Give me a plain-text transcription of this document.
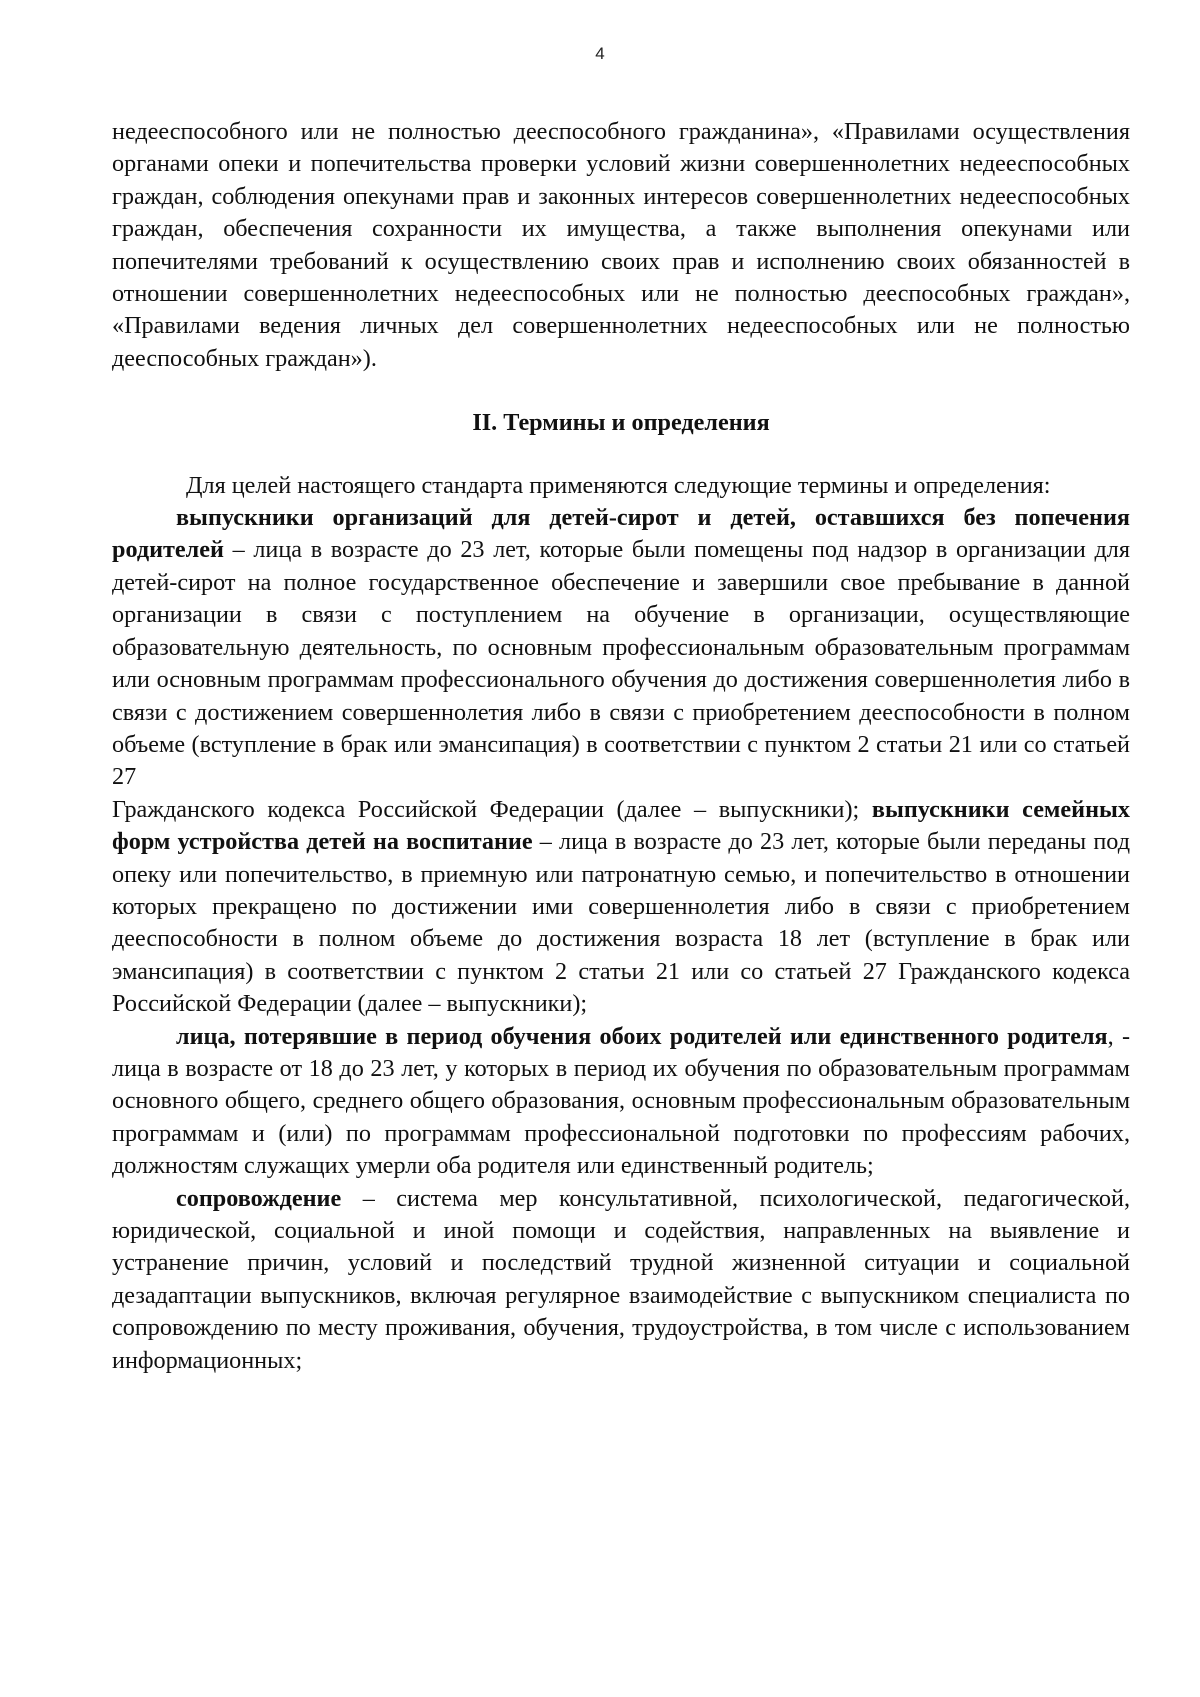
4

недееспособного или не полностью дееспособного гражданина», «Правилами осуществления органами опеки и попечительства проверки условий жизни совершеннолетних недееспособных граждан, соблюдения опекунами прав и законных интересов совершеннолетних недееспособных граждан, обеспечения сохранности их имущества, а также выполнения опекунами или попечителями требований к осуществлению своих прав и исполнению своих обязанностей в отношении совершеннолетних недееспособных или не полностью дееспособных граждан», «Правилами ведения личных дел совершеннолетних недееспособных или не полностью дееспособных граждан»).

II. Термины и определения

Для целей настоящего стандарта применяются следующие термины и определения:

выпускники организаций для детей-сирот и детей, оставшихся без попечения родителей – лица в возрасте до 23 лет, которые были помещены под надзор в организации для детей-сирот на полное государственное обеспечение и завершили свое пребывание в данной организации в связи с поступлением на обучение в организации, осуществляющие образовательную деятельность, по основным профессиональным образовательным программам или основным программам профессионального обучения до достижения совершеннолетия либо в связи с достижением совершеннолетия либо в связи с приобретением дееспособности в полном объеме (вступление в брак или эмансипация) в соответствии с пунктом 2 статьи 21 или со статьей 27

Гражданского кодекса Российской Федерации (далее – выпускники); выпускники семейных форм устройства детей на воспитание – лица в возрасте до 23 лет, которые были переданы под опеку или попечительство, в приемную или патронатную семью, и попечительство в отношении которых прекращено по достижении ими совершеннолетия либо в связи с приобретением дееспособности в полном объеме до достижения возраста 18 лет (вступление в брак или эмансипация) в соответствии с пунктом 2 статьи 21 или со статьей 27 Гражданского кодекса Российской Федерации (далее – выпускники);

лица, потерявшие в период обучения обоих родителей или единственного родителя, - лица в возрасте от 18 до 23 лет, у которых в период их обучения по образовательным программам основного общего, среднего общего образования, основным профессиональным образовательным программам и (или) по программам профессиональной подготовки по профессиям рабочих, должностям служащих умерли оба родителя или единственный родитель;

сопровождение – система мер консультативной, психологической, педагогической, юридической, социальной и иной помощи и содействия, направленных на выявление и устранение причин, условий и последствий трудной жизненной ситуации и социальной дезадаптации выпускников, включая регулярное взаимодействие с выпускником специалиста по сопровождению по месту проживания, обучения, трудоустройства, в том числе с использованием информационных;
